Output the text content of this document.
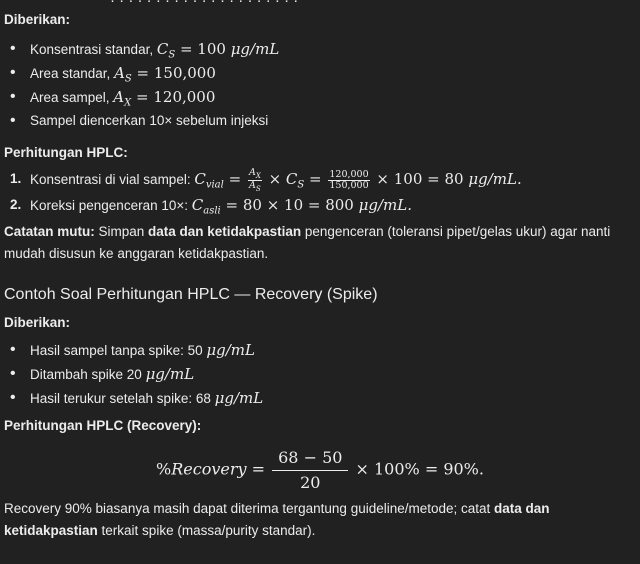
· · · · · · · · · · · · · · · · · · · · ·
Diberikan:
• Konsentrasi standar, $C_S = 100$ μg/mL
• Area standar, $A_S = 150,000$
• Area sampel, $A_X = 120,000$
• Sampel diencerkan 10× sebelum injeksi
Perhitungan HPLC:
1. Konsentrasi di vial sampel: $C_{vial} = \frac{A_X}{A_S} \times C_S = \frac{120,000}{150,000} \times 100 = 80$ μg/mL.
2. Koreksi pengenceran 10×: $C_{asli} = 80 \times 10 = 800$ μg/mL.
Catatan mutu: Simpan data dan ketidakpastian pengenceran (toleransi pipet/gelas ukur) agar nanti mudah disusun ke anggaran ketidakpastian.
Contoh Soal Perhitungan HPLC — Recovery (Spike)
Diberikan:
• Hasil sampel tanpa spike: 50 μg/mL
• Ditambah spike 20 μg/mL
• Hasil terukur setelah spike: 68 μg/mL
Perhitungan HPLC (Recovery):
%Recovery = $\frac{68 - 50}{20} \times 100\% = 90\%$.
Recovery 90% biasanya masih dapat diterima tergantung guideline/metode; catat data dan ketidakpastian terkait spike (massa/purity standar).
